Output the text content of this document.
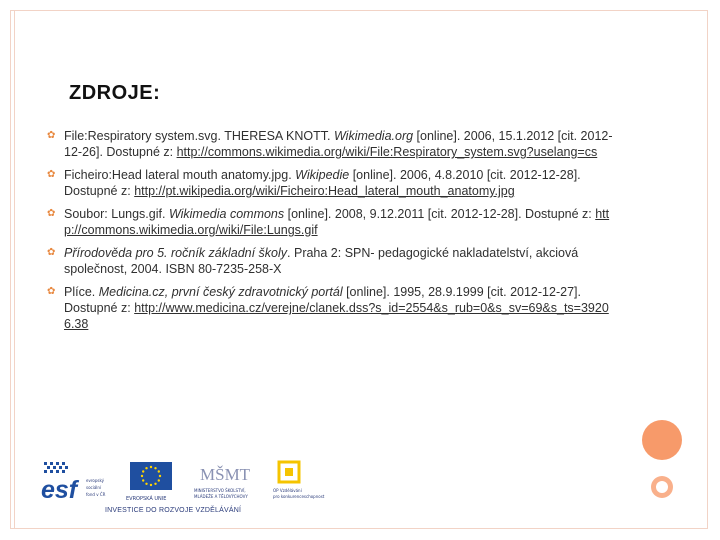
ZDROJE:
✿ File:Respiratory system.svg. THERESA KNOTT. Wikimedia.org [online]. 2006, 15.1.2012 [cit. 2012-12-26]. Dostupné z: http://commons.wikimedia.org/wiki/File:Respiratory_system.svg?uselang=cs
✿ Ficheiro:Head lateral mouth anatomy.jpg. Wikipedie [online]. 2006, 4.8.2010 [cit. 2012-12-28]. Dostupné z: http://pt.wikipedia.org/wiki/Ficheiro:Head_lateral_mouth_anatomy.jpg
✿ Soubor: Lungs.gif. Wikimedia commons [online]. 2008, 9.12.2011 [cit. 2012-12-28]. Dostupné z: http://commons.wikimedia.org/wiki/File:Lungs.gif
✿ Přírodověda pro 5. ročník základní školy. Praha 2: SPN- pedagogické nakladatelství, akciová společnost, 2004. ISBN 80-7235-258-X
✿ Plíce. Medicina.cz, první český zdravotnický portál [online]. 1995, 28.9.1999 [cit. 2012-12-27]. Dostupné z: http://www.medicina.cz/verejne/clanek.dss?s_id=2554&s_rub=0&s_sv=69&s_ts=39206.38
esf	evropský
sociální
fond v ČR
EVROPSKÁ UNIE
MŠMT
MINISTERSTVO ŠKOLSTVÍ,
MLÁDEŽE A TĚLOVÝCHOVY
OP Vzdělávání
pro konkurenceschopnost
INVESTICE DO ROZVOJE VZDĚLÁVÁNÍ
